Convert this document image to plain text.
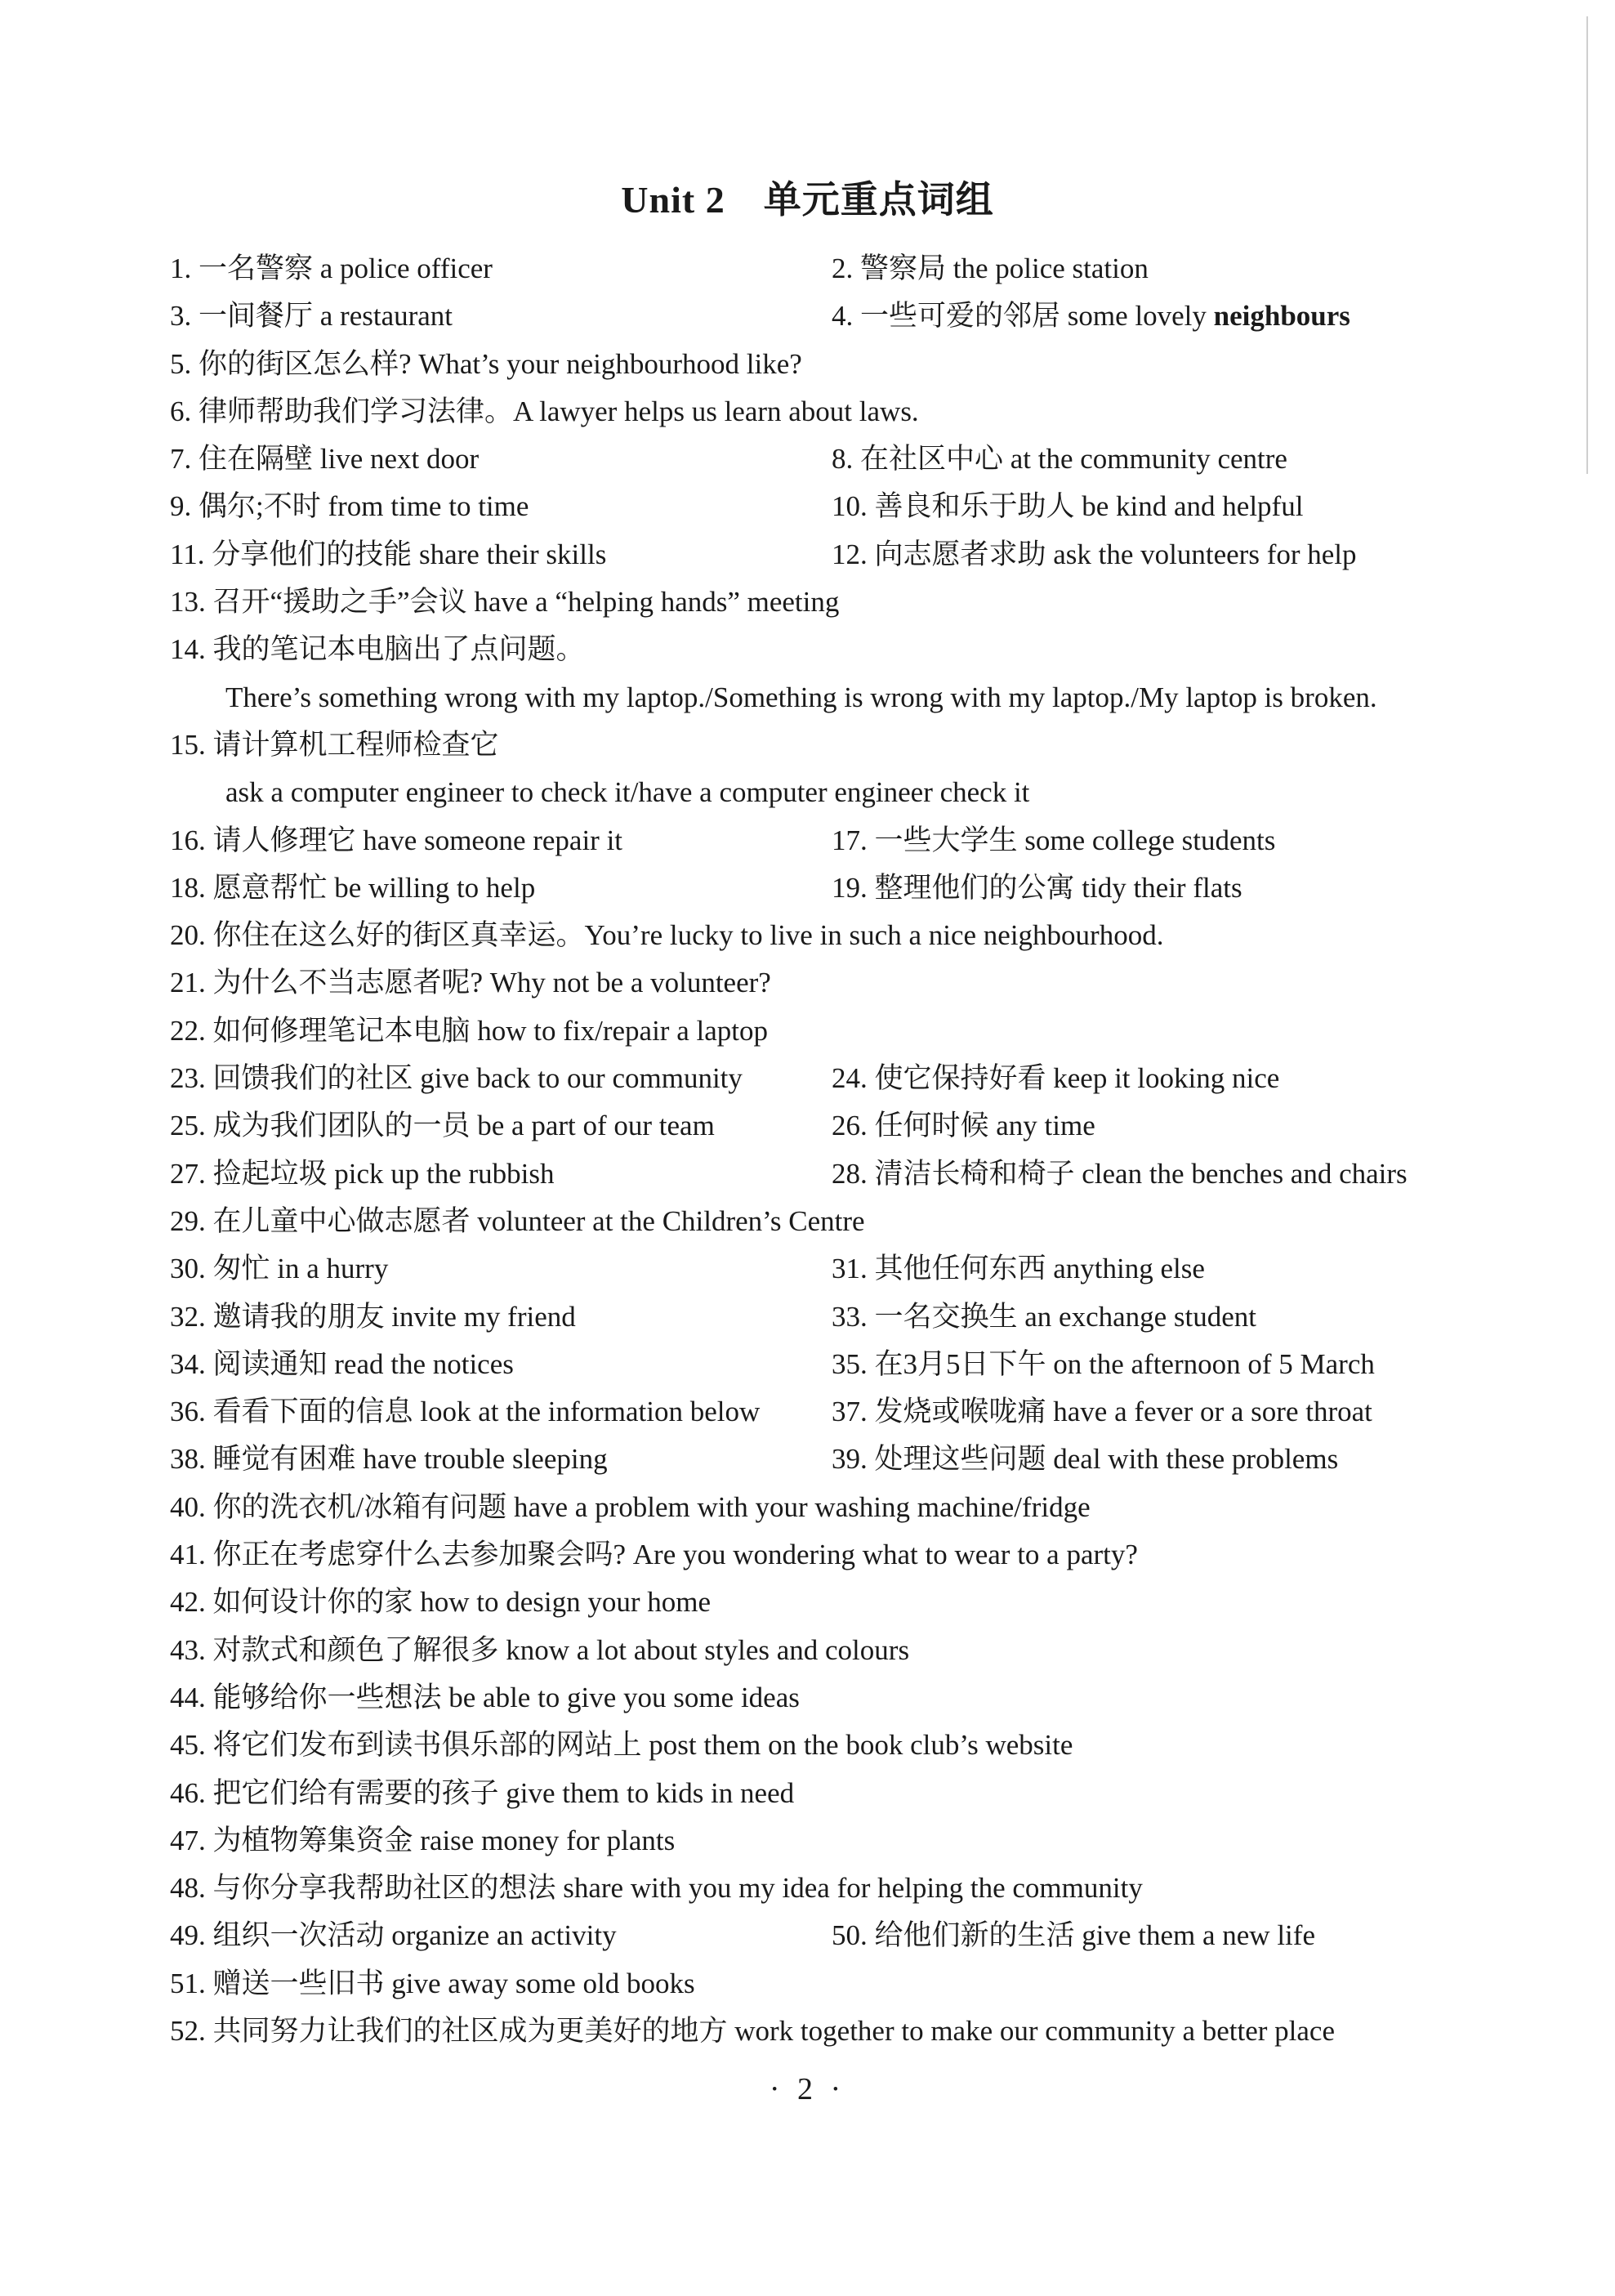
Unit 2　单元重点词组
1. 一名警察 a police officer	2. 警察局 the police station
3. 一间餐厅 a restaurant	4. 一些可爱的邻居 some lovely neighbours
5. 你的街区怎么样? What’s your neighbourhood like?
6. 律师帮助我们学习法律。A lawyer helps us learn about laws.
7. 住在隔壁 live next door	8. 在社区中心 at the community centre
9. 偶尔;不时 from time to time	10. 善良和乐于助人 be kind and helpful
11. 分享他们的技能 share their skills	12. 向志愿者求助 ask the volunteers for help
13. 召开“援助之手”会议 have a “helping hands” meeting
14. 我的笔记本电脑出了点问题。
There’s something wrong with my laptop./Something is wrong with my laptop./My laptop is broken.
15. 请计算机工程师检查它
ask a computer engineer to check it/have a computer engineer check it
16. 请人修理它 have someone repair it	17. 一些大学生 some college students
18. 愿意帮忙 be willing to help	19. 整理他们的公寓 tidy their flats
20. 你住在这么好的街区真幸运。You’re lucky to live in such a nice neighbourhood.
21. 为什么不当志愿者呢? Why not be a volunteer?
22. 如何修理笔记本电脑 how to fix/repair a laptop
23. 回馈我们的社区 give back to our community	24. 使它保持好看 keep it looking nice
25. 成为我们团队的一员 be a part of our team	26. 任何时候 any time
27. 捡起垃圾 pick up the rubbish	28. 清洁长椅和椅子 clean the benches and chairs
29. 在儿童中心做志愿者 volunteer at the Children’s Centre
30. 匆忙 in a hurry	31. 其他任何东西 anything else
32. 邀请我的朋友 invite my friend	33. 一名交换生 an exchange student
34. 阅读通知 read the notices	35. 在3月5日下午 on the afternoon of 5 March
36. 看看下面的信息 look at the information below	37. 发烧或喉咙痛 have a fever or a sore throat
38. 睡觉有困难 have trouble sleeping	39. 处理这些问题 deal with these problems
40. 你的洗衣机/冰箱有问题 have a problem with your washing machine/fridge
41. 你正在考虑穿什么去参加聚会吗? Are you wondering what to wear to a party?
42. 如何设计你的家 how to design your home
43. 对款式和颜色了解很多 know a lot about styles and colours
44. 能够给你一些想法 be able to give you some ideas
45. 将它们发布到读书俱乐部的网站上 post them on the book club’s website
46. 把它们给有需要的孩子 give them to kids in need
47. 为植物筹集资金 raise money for plants
48. 与你分享我帮助社区的想法 share with you my idea for helping the community
49. 组织一次活动 organize an activity	50. 给他们新的生活 give them a new life
51. 赠送一些旧书 give away some old books
52. 共同努力让我们的社区成为更美好的地方 work together to make our community a better place
· 2 ·
